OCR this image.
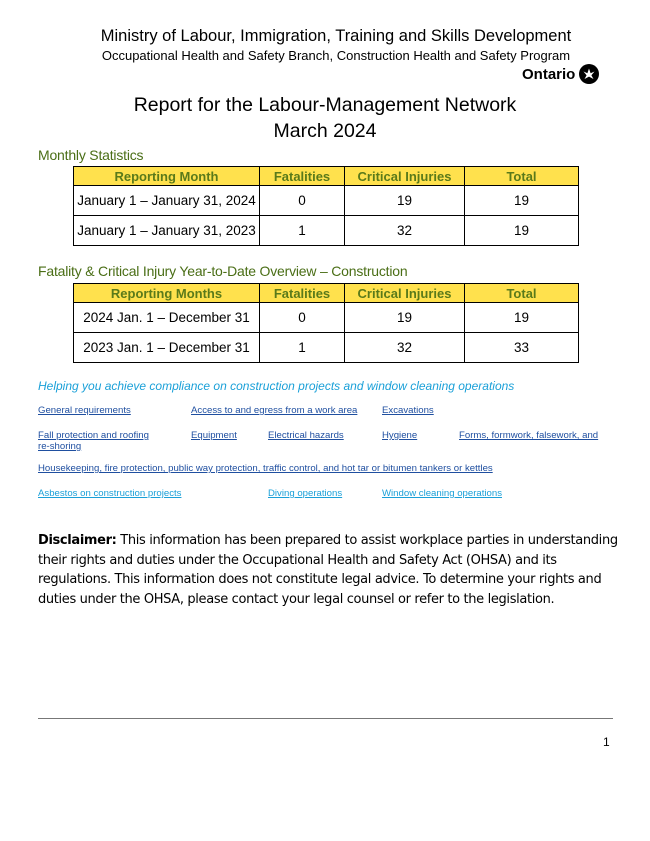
Ministry of Labour, Immigration, Training and Skills Development
Occupational Health and Safety Branch, Construction Health and Safety Program
Ontario
Report for the Labour-Management Network
March 2024
Monthly Statistics
Reporting Month	Fatalities	Critical Injuries	Total
January 1 – January 31, 2024	0	19	19
January 1 – January 31, 2023	1	32	19
Fatality & Critical Injury Year-to-Date Overview – Construction
Reporting Months	Fatalities	Critical Injuries	Total
2024 Jan. 1 – December 31	0	19	19
2023 Jan. 1 – December 31	1	32	33
Helping you achieve compliance on construction projects and window cleaning operations
General requirements	Access to and egress from a work area	Excavations
Fall protection and roofing
re-shoring
Equipment	Electrical hazards	Hygiene	Forms, formwork, falsework, and
Housekeeping, fire protection, public way protection, traffic control, and hot tar or bitumen tankers or kettles
Asbestos on construction projects	Diving operations	Window cleaning operations
Disclaimer: This information has been prepared to assist workplace parties in understanding their rights and duties under the Occupational Health and Safety Act (OHSA) and its regulations. This information does not constitute legal advice. To determine your rights and duties under the OHSA, please contact your legal counsel or refer to the legislation.
1
